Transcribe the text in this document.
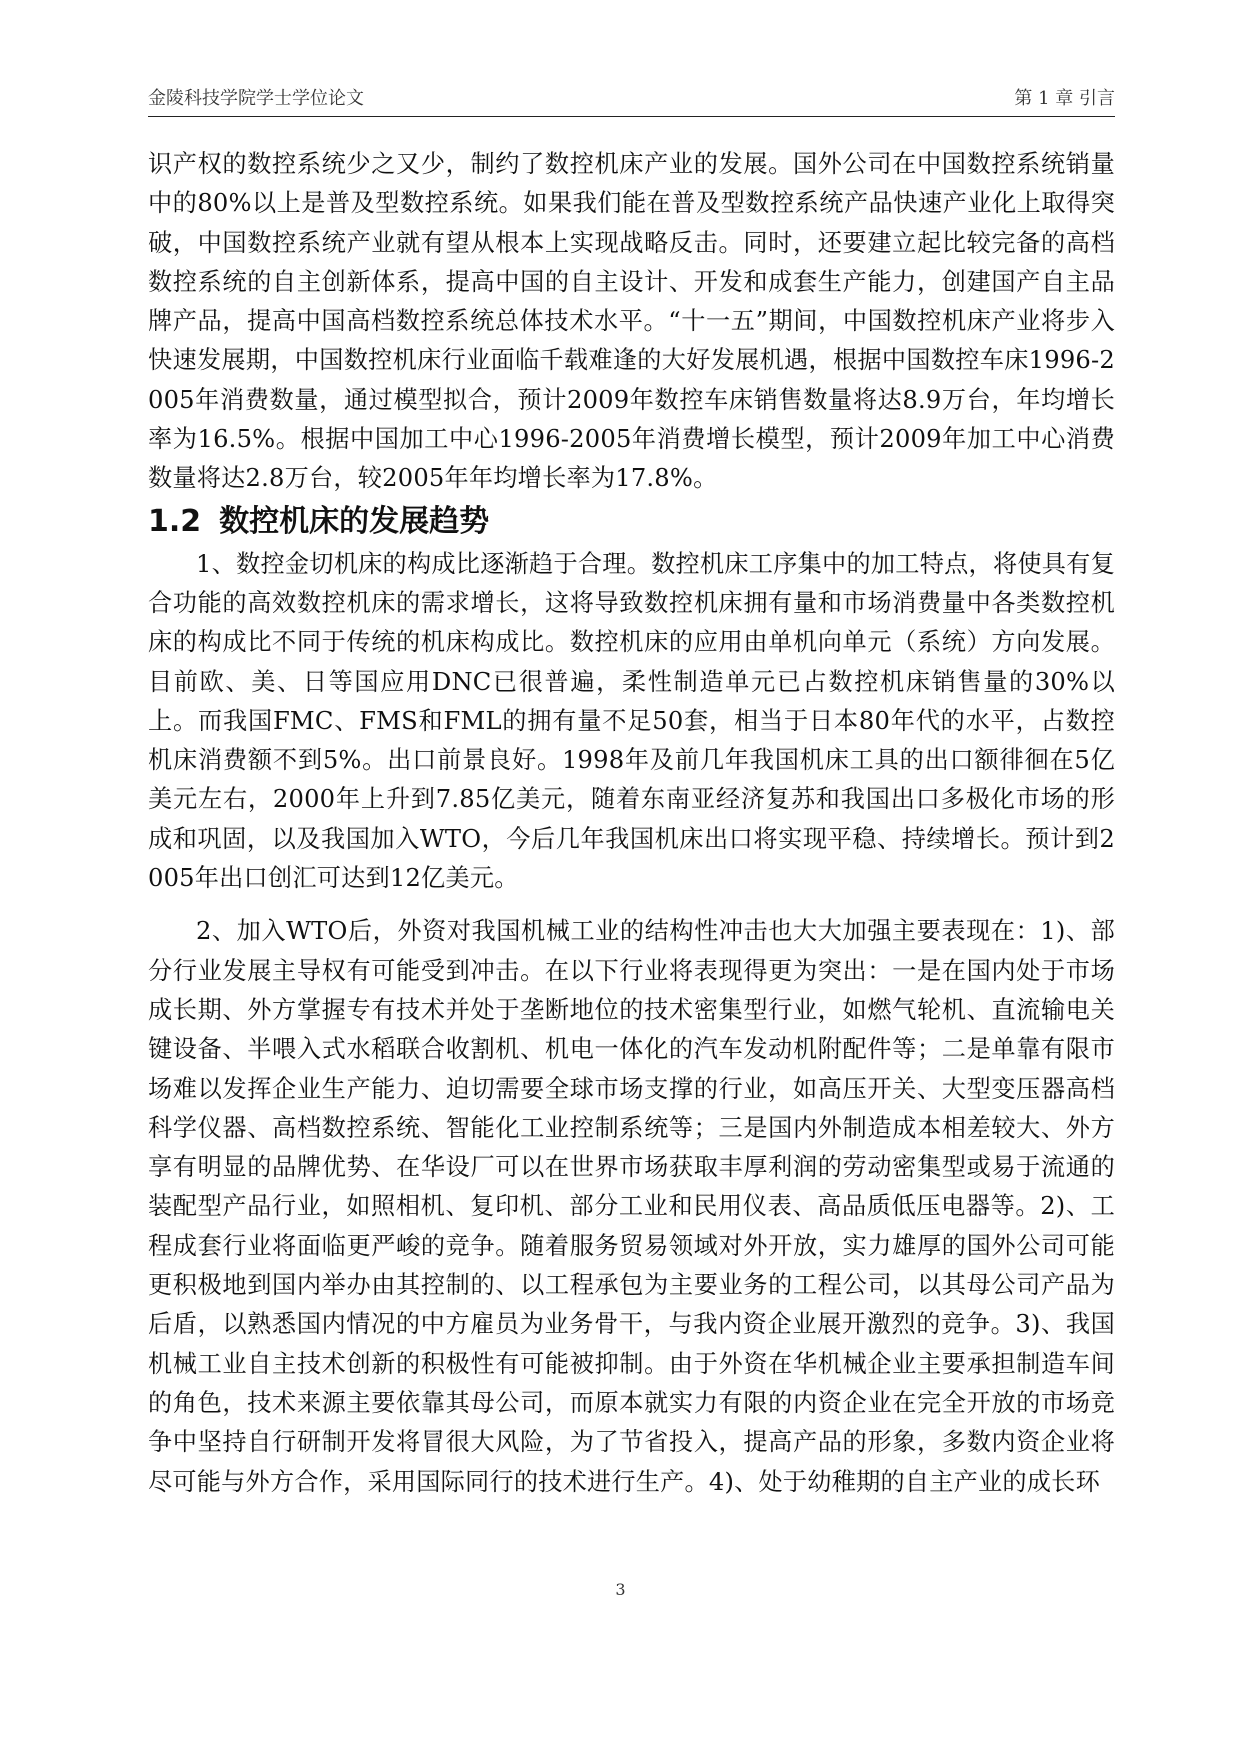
金陵科技学院学士学位论文	第 1 章 引言

识产权的数控系统少之又少，制约了数控机床产业的发展。国外公司在中国数控系统销量中的80%以上是普及型数控系统。如果我们能在普及型数控系统产品快速产业化上取得突破，中国数控系统产业就有望从根本上实现战略反击。同时，还要建立起比较完备的高档数控系统的自主创新体系，提高中国的自主设计、开发和成套生产能力，创建国产自主品牌产品，提高中国高档数控系统总体技术水平。“十一五”期间，中国数控机床产业将步入快速发展期，中国数控机床行业面临千载难逢的大好发展机遇，根据中国数控车床1996-2005年消费数量，通过模型拟合，预计2009年数控车床销售数量将达8.9万台，年均增长率为16.5%。根据中国加工中心1996-2005年消费增长模型，预计2009年加工中心消费数量将达2.8万台，较2005年年均增长率为17.8%。

1.2 数控机床的发展趋势

1、数控金切机床的构成比逐渐趋于合理。数控机床工序集中的加工特点，将使具有复合功能的高效数控机床的需求增长，这将导致数控机床拥有量和市场消费量中各类数控机床的构成比不同于传统的机床构成比。数控机床的应用由单机向单元（系统）方向发展。目前欧、美、日等国应用DNC已很普遍，柔性制造单元已占数控机床销售量的30%以上。而我国FMC、FMS和FML的拥有量不足50套，相当于日本80年代的水平，占数控机床消费额不到5%。出口前景良好。1998年及前几年我国机床工具的出口额徘徊在5亿美元左右，2000年上升到7.85亿美元，随着东南亚经济复苏和我国出口多极化市场的形成和巩固，以及我国加入WTO，今后几年我国机床出口将实现平稳、持续增长。预计到2005年出口创汇可达到12亿美元。

2、加入WTO后，外资对我国机械工业的结构性冲击也大大加强主要表现在：1)、部分行业发展主导权有可能受到冲击。在以下行业将表现得更为突出：一是在国内处于市场成长期、外方掌握专有技术并处于垄断地位的技术密集型行业，如燃气轮机、直流输电关键设备、半喂入式水稻联合收割机、机电一体化的汽车发动机附配件等；二是单靠有限市场难以发挥企业生产能力、迫切需要全球市场支撑的行业，如高压开关、大型变压器高档科学仪器、高档数控系统、智能化工业控制系统等；三是国内外制造成本相差较大、外方享有明显的品牌优势、在华设厂可以在世界市场获取丰厚利润的劳动密集型或易于流通的装配型产品行业，如照相机、复印机、部分工业和民用仪表、高品质低压电器等。2)、工程成套行业将面临更严峻的竞争。随着服务贸易领域对外开放，实力雄厚的国外公司可能更积极地到国内举办由其控制的、以工程承包为主要业务的工程公司，以其母公司产品为后盾，以熟悉国内情况的中方雇员为业务骨干，与我内资企业展开激烈的竞争。3)、我国机械工业自主技术创新的积极性有可能被抑制。由于外资在华机械企业主要承担制造车间的角色，技术来源主要依靠其母公司，而原本就实力有限的内资企业在完全开放的市场竞争中坚持自行研制开发将冒很大风险，为了节省投入，提高产品的形象，多数内资企业将尽可能与外方合作，采用国际同行的技术进行生产。4)、处于幼稚期的自主产业的成长环

3
